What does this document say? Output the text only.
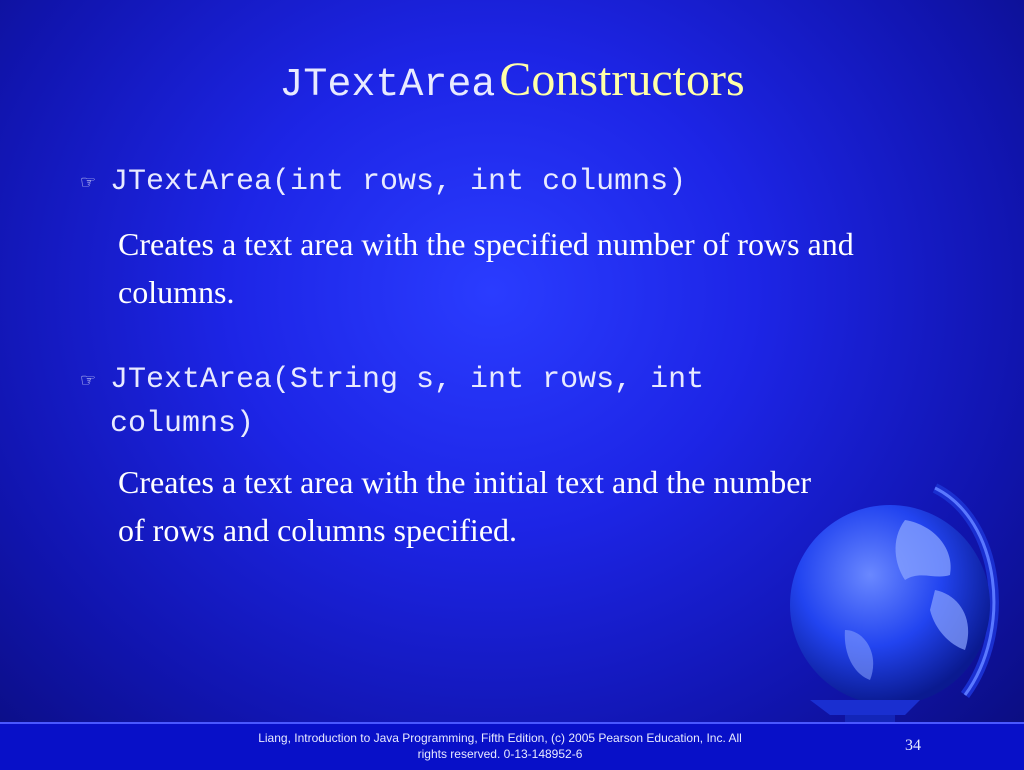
JTextArea Constructors
☞ JTextArea(int rows, int columns)
Creates a text area with the specified number of rows and columns.
☞ JTextArea(String s, int rows, int columns)
Creates a text area with the initial text and the number of rows and columns specified.
Liang, Introduction to Java Programming, Fifth Edition, (c) 2005 Pearson Education, Inc. All
rights reserved. 0-13-148952-6	34
